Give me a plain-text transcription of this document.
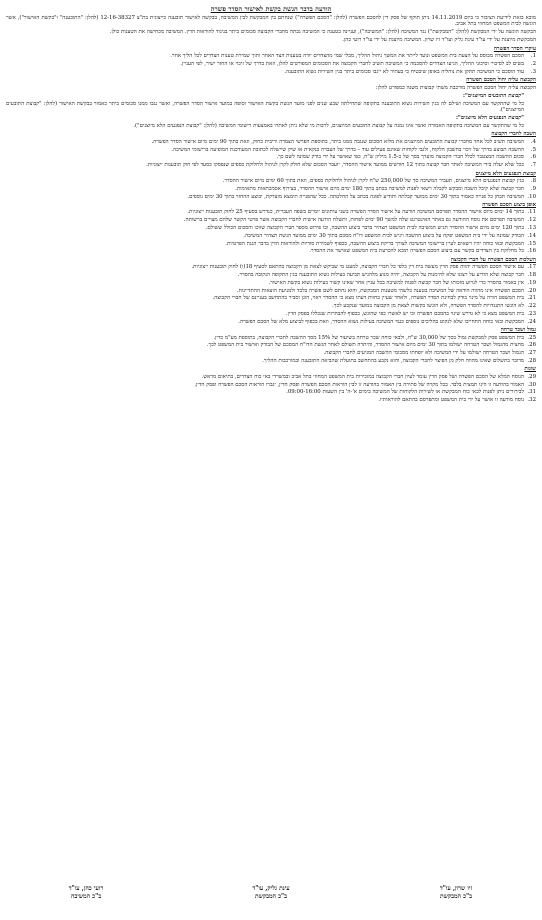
הודעה בדבר הגשת בקשת לאישור הסדר פשרה

מובא בזאת לידיעת הציבור כי ביום 14.11.2019 ניתן תוקף של פסק דין להסכם הפשרה (להלן: "הסכם הפשרה") שנחתם בין המבקשת לבין המשיבה, בבקשה לאישור תובענה כייצוגית בת"צ 12-16-38327 (להלן: "התובענה" ו"בקשת האישור"), אשר הוגשה לבית המשפט המחוזי בתל אביב.

הבקשה הוגשה על ידי המבקשת (להלן: "המבקשת") נגד המשיבה (להלן: "המשיבה"), ועניינה בטענה כי המשיבה גבתה מחברי הקבוצה סכומים ביתר בניגוד להוראות הדין. המשיבה מכחישה את הטענות כולן.

המבקשת מיוצגת על ידי עו"ד עינת גליק ועו"ד זיו שרון. המשיבה מיוצגת על ידי עו"ד רועי כהן.

עיקרי הסדר הפשרה
1.
הסכם הפשרה מבוסס על הצעת בית המשפט ונועד לייתר את המשך ניהול ההליך, מבלי שמי מהצדדים יודה בטענות הצד האחר ותוך שמירת טענות הצדדים לכל הליך אחר.
2.
בשים לב לסיכויי וסיכוני ההליך, הגיעו הצדדים להסכמה כי המשיבה תשיב לחברי הקבוצה את הסכומים המפורטים להלן, וזאת בדרך של זיכוי או החזר ישיר, לפי העניין.
3.
עוד הוסכם כי המשיבה תתקן את נוהליה באופן שיבטיח כי בעתיד לא ייגבו סכומים ביתר בגין השירות נשוא התובענה.
הקבוצה עליה יחול הסכם הפשרה

הקבוצה עליה יחול הסכם הפשרה מורכבת משתי קבוצות משנה כמפורט להלן:

"קבוצת התובעים המיוצגים":

כל מי שהתקשר עם המשיבה ושילם לה בגין השירות נשוא התובענה בתקופה שתחילתה שבע שנים לפני מועד הגשת בקשת האישור וסופה במועד אישור הסדר הפשרה, ואשר נגבו ממנו סכומים ביתר כאמור בבקשת האישור (להלן: "קבוצת התובעים המיוצגים").

"קבוצת הנפגעים הלא מיוצגים":

כל מי שהתקשר עם המשיבה בתקופה האמורה ואשר אינו נמנה על קבוצת התובעים המיוצגים, לרבות מי שלא ניתן לאתרו באמצעות רישומי המשיבה (להלן: "קבוצת הנפגעים הלא מיוצגים").

השבה לחברי הקבוצה
4.
המשיבה תשיב לכל אחד מחברי קבוצת התובעים המיוצגים את מלוא הסכום שנגבה ממנו ביתר, בתוספת הפרשי הצמדה וריבית כחוק, וזאת בתוך 90 ימים מיום אישור הסדר הפשרה.
5.
ההשבה תבוצע בדרך של זיכוי בחשבון הלקוח, ולגבי לקוחות שאינם פעילים עוד – בדרך של העברה בנקאית או שיק שיישלח לכתובת המעודכנת המופיעה ברישומי המשיבה.
6.
סכום ההשבה המצטבר לכלל חברי הקבוצה מוערך בסך של כ-1.5 מיליון ש"ח, כפי שאושר על ידי בודק שמונה לשם כך.
7.
ככל שלא יעלה בידי המשיבה לאתר חבר קבוצה בתוך 12 חודשים ממועד אישור ההסדר, יועבר הסכום שלא חולק לקרן לניהול ולחלוקת כספים שנפסקו כסעד לפי חוק תובענות ייצוגיות.
קבוצת הנפגעים הלא מיוצגים
8.
בגין קבוצת הנפגעים הלא מיוצגים, תעביר המשיבה סך של 250,000 ש"ח לקרן לניהול ולחלוקת כספים, וזאת בתוך 60 ימים מיום אישור ההסדר.
9.
חבר קבוצה שלא קיבל השבה ומבקש לקבלה רשאי לפנות למשיבה בכתב בתוך 180 ימים מיום אישור ההסדר, בצירוף אסמכתאות מתאימות.
10.
המשיבה תבחן כל פנייה כאמור בתוך 30 ימים ממועד קבלתה ותודיע לפונה בכתב על החלטתה. ככל שהפנייה תימצא מוצדקת, יבוצע ההחזר בתוך 30 ימים נוספים.
אופן ביצוע הסכם הפשרה
11.
בתוך 14 ימים מיום אישור ההסדר תפרסם המשיבה הודעה על אישור הסדר הפשרה בשני עיתונים יומיים בשפה העברית, כנדרש בסעיף 25 לחוק תובענות ייצוגיות.
12.
המשיבה תפרסם את נוסח ההודעה גם באתר האינטרנט שלה למשך 90 ימים לפחות, ותשלח הודעה אישית לחברי הקבוצה אשר פרטי הקשר שלהם מצויים ברשותה.
13.
בתוך 120 ימים מיום אישור ההסדר תגיש המשיבה לבית המשפט תצהיר בדבר ביצוע ההשבה, ובו פירוט מספר חברי הקבוצה שזוכו והסכום הכולל ששולם.
14.
הבודק שמונה על ידי בית המשפט יפקח על ביצוע ההשבה ויגיש לבית המשפט דו"ח מסכם בתוך 30 ימים ממועד הגשת תצהיר המשיבה.
15.
המבקשת ובאי כוחה יהיו רשאים לעיין ברישומי המשיבה לצורך בדיקת ביצוע ההשבה, בכפוף לשמירת סודיות ולהוראות הדין בדבר הגנת הפרטיות.
16.
כל מחלוקת בין הצדדים בקשר עם ביצוע הסכם הפשרה תובא להכרעת בית המשפט שאישר את ההסדר.
השלכות הסכם הפשרה על חברי הקבוצה
17.
עם אישור הסכם הפשרה יהווה פסק הדין מעשה בית דין כלפי כל חברי הקבוצה, למעט מי שביקש לצאת מן הקבוצה בהתאם לסעיף 18(ו) לחוק תובענות ייצוגיות.
18.
חבר קבוצה שלא הודיע על רצונו שלא להימנות על הקבוצה, יהיה מנוע מלהגיש תביעה בעילות נשוא התובענה בגין התקופה הנקובה בהסדר.
19.
אין באמור בהסדר כדי לגרוע מזכותו של חבר קבוצה לפנות למשיבה בכל עניין אחר שאינו קשור בעילות נשוא בקשת האישור.
20.
הסכם הפשרה אינו מהווה הודאה של המשיבה בטענה כלשהי מטענות המבקשת, והוא נחתם לשם פשרה בלבד ולמניעת הוצאות ההתדיינות.
21.
בית המשפט הורה על מינוי בודק לבחינת הסדר הפשרה, ולאחר שעיין בחוות דעתו מצא כי ההסדר ראוי, הוגן וסביר בהתחשב בעניינם של חברי הקבוצה.
22.
לא הוגשו התנגדויות להסדר הפשרה, ולא הוגשו בקשות לצאת מן הקבוצה במועד שנקבע לכך.
23.
בית המשפט מצא כי לא נדרש שינוי בהסכם הפשרה וכי יש לאשרו כפי שהוגש, בכפוף להבהרות שנכללו בפסק הדין.
24.
המבקשת ובאי כוחה התחייבו שלא לנקוט בהליכים נוספים כנגד המשיבה בעילות נשוא ההסדר, וזאת בכפוף לביצוע מלא של הסכם הפשרה.
גמול ושכר טרחה
25.
בית המשפט פסק למבקשת גמול בסך של 30,000 ש"ח, ולבאי כוחה שכר טרחה בשיעור של 15% מסך ההשבה לחברי הקבוצה, בתוספת מע"מ כדין.
26.
מחצית מהגמול ושכר הטרחה ישולמו בתוך 30 ימים מיום אישור ההסדר, והיתרה תשולם לאחר הגשת הדו"ח המסכם של הבודק ואישור בית המשפט לכך.
27.
הגמול ושכר הטרחה ישולמו על ידי המשיבה ולא יופחתו מסכומי ההשבה המגיעים לחברי הקבוצה.
28.
מדובר בתשלום שאינו מהווה חלק מן הפיצוי לחברי הקבוצה, והוא נקבע בהתחשב בתועלת שהביאה התובענה ובמורכבות ההליך.
שונות
29.
הנוסח המלא של הסכם הפשרה ושל פסק הדין עומד לעיון חברי הקבוצה במזכירות בית המשפט המחוזי בתל אביב ובמשרדי באי כוח הצדדים, בתיאום מראש.
30.
האמור בהודעה זו הינו תמצית בלבד. בכל מקרה של סתירה בין האמור בהודעה זו לבין הוראות הסכם הפשרה ופסק הדין, יגברו הוראות הסכם הפשרה ופסק הדין.
31.
לבירורים ניתן לפנות לבאי כוח המבקשת או לשירות הלקוחות של המשיבה בימים א'-ה' בין השעות 09:00-16:00.
32.
נוסח מודעה זו אושר על ידי בית המשפט ומתפרסם בהתאם להוראותיו.
זיו שרון, עו"ד
ב"כ המבקשת
עינת גליק, עו"ד
ב"כ המבקשת
רועי כהן, עו"ד
ב"כ המשיבה
